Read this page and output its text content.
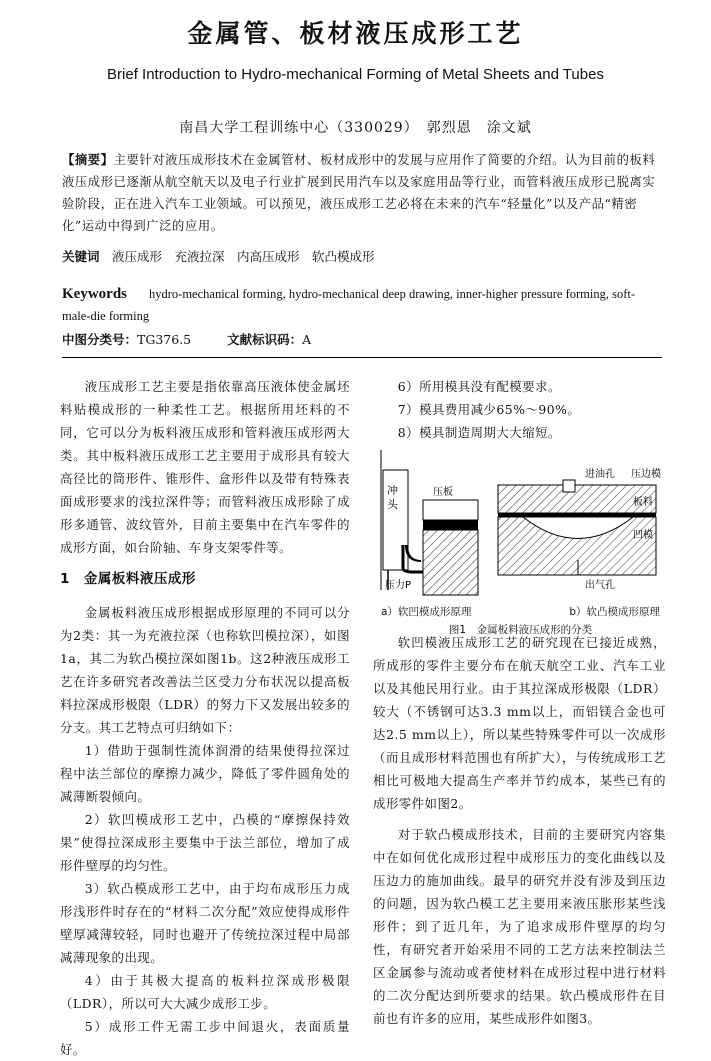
金属管、板材液压成形工艺
Brief Introduction to Hydro-mechanical Forming of Metal Sheets and Tubes
南昌大学工程训练中心（330029）　郭烈恩　涂文斌
【摘要】主要针对液压成形技术在金属管材、板材成形中的发展与应用作了简要的介绍。认为目前的板料液压成形已逐渐从航空航天以及电子行业扩展到民用汽车以及家庭用品等行业，而管料液压成形已脱离实验阶段，正在进入汽车工业领域。可以预见，液压成形工艺必将在未来的汽车“轻量化”以及产品“精密化”运动中得到广泛的应用。
关键词　 液压成形　充液拉深　内高压成形　软凸模成形
Keywords hydro-mechanical forming, hydro-mechanical deep drawing, inner-higher pressure forming, soft-male-die forming
中图分类号：TG376.5	文献标识码：A

液压成形工艺主要是指依靠高压液体使金属坯料贴模成形的一种柔性工艺。根据所用坯料的不同，它可以分为板料液压成形和管料液压成形两大类。其中板料液压成形工艺主要用于成形具有较大高径比的筒形件、锥形件、盒形件以及带有特殊表面成形要求的浅拉深件等；而管料液压成形除了成形多通管、波纹管外，目前主要集中在汽车零件的成形方面，如台阶轴、车身支架零件等。

1　金属板料液压成形

金属板料液压成形根据成形原理的不同可以分为2类：其一为充液拉深（也称软凹模拉深），如图1a，其二为软凸模拉深如图1b。这2种液压成形工艺在许多研究者改善法兰区受力分布状况以提高板料拉深成形极限（LDR）的努力下又发展出较多的分支。其工艺特点可归纳如下：

1）借助于强制性流体润滑的结果使得拉深过程中法兰部位的摩擦力减少，降低了零件圆角处的减薄断裂倾向。

2）软凹模成形工艺中，凸模的“摩擦保持效果”使得拉深成形主要集中于法兰部位，增加了成形件壁厚的均匀性。

3）软凸模成形工艺中，由于均布成形压力成形浅形件时存在的“材料二次分配”效应使得成形件壁厚减薄较轻，同时也避开了传统拉深过程中局部减薄现象的出现。

4）由于其极大提高的板料拉深成形极限（LDR），所以可大大减少成形工步。

5）成形工件无需工步中间退火，表面质量好。

6）所用模具没有配模要求。

7）模具费用减少65%～90%。

8）模具制造周期大大缩短。

冲
头
压板
压力P
进油孔 压边模
板料
凹模
出气孔
a）软凹模成形原理	b）软凸模成形原理
图1　金属板料液压成形的分类

软凹模液压成形工艺的研究现在已接近成熟，所成形的零件主要分布在航天航空工业、汽车工业以及其他民用行业。由于其拉深成形极限（LDR）较大（不锈钢可达3.3 mm以上，而铝镁合金也可达2.5 mm以上），所以某些特殊零件可以一次成形（而且成形材料范围也有所扩大），与传统成形工艺相比可极地大提高生产率并节约成本，某些已有的成形零件如图2。

对于软凸模成形技术，目前的主要研究内容集中在如何优化成形过程中成形压力的变化曲线以及压边力的施加曲线。最早的研究并没有涉及到压边的问题，因为软凸模工艺主要用来液压胀形某些浅形件；到了近几年，为了追求成形件壁厚的均匀性，有研究者开始采用不同的工艺方法来控制法兰区金属参与流动或者使材料在成形过程中进行材料的二次分配达到所要求的结果。软凸模成形件在目前也有许多的应用，某些成形件如图3。
